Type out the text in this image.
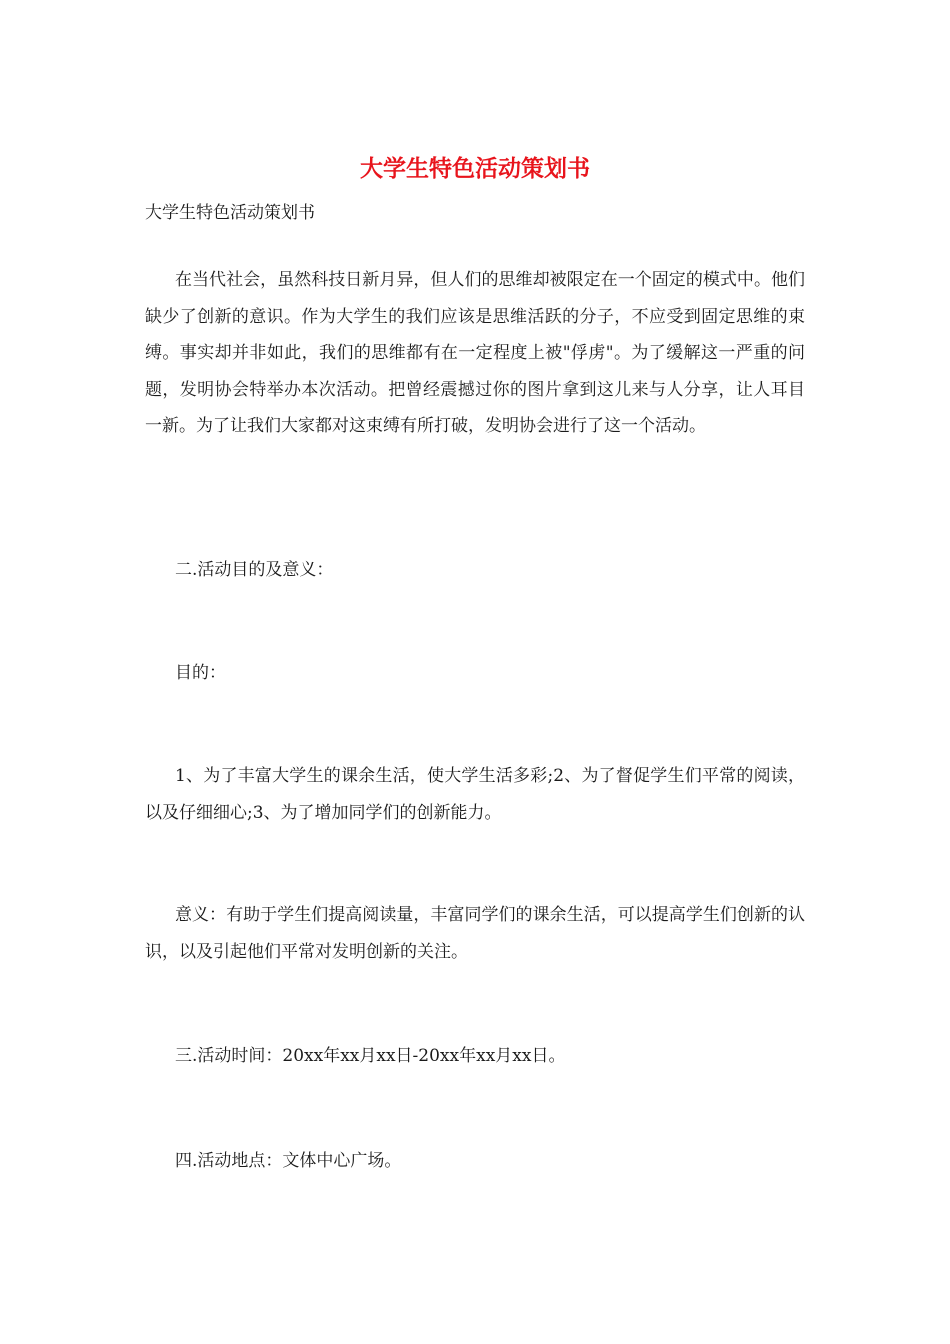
大学生特色活动策划书

大学生特色活动策划书

在当代社会，虽然科技日新月异，但人们的思维却被限定在一个固定的模式中。他们缺少了创新的意识。作为大学生的我们应该是思维活跃的分子，不应受到固定思维的束缚。事实却并非如此，我们的思维都有在一定程度上被"俘虏"。为了缓解这一严重的问题，发明协会特举办本次活动。把曾经震撼过你的图片拿到这儿来与人分享，让人耳目一新。为了让我们大家都对这束缚有所打破，发明协会进行了这一个活动。

二.活动目的及意义：

目的：

1、为了丰富大学生的课余生活，使大学生活多彩;2、为了督促学生们平常的阅读，以及仔细细心;3、为了增加同学们的创新能力。

意义：有助于学生们提高阅读量，丰富同学们的课余生活，可以提高学生们创新的认识，以及引起他们平常对发明创新的关注。

三.活动时间：20xx年xx月xx日-20xx年xx月xx日。

四.活动地点：文体中心广场。
